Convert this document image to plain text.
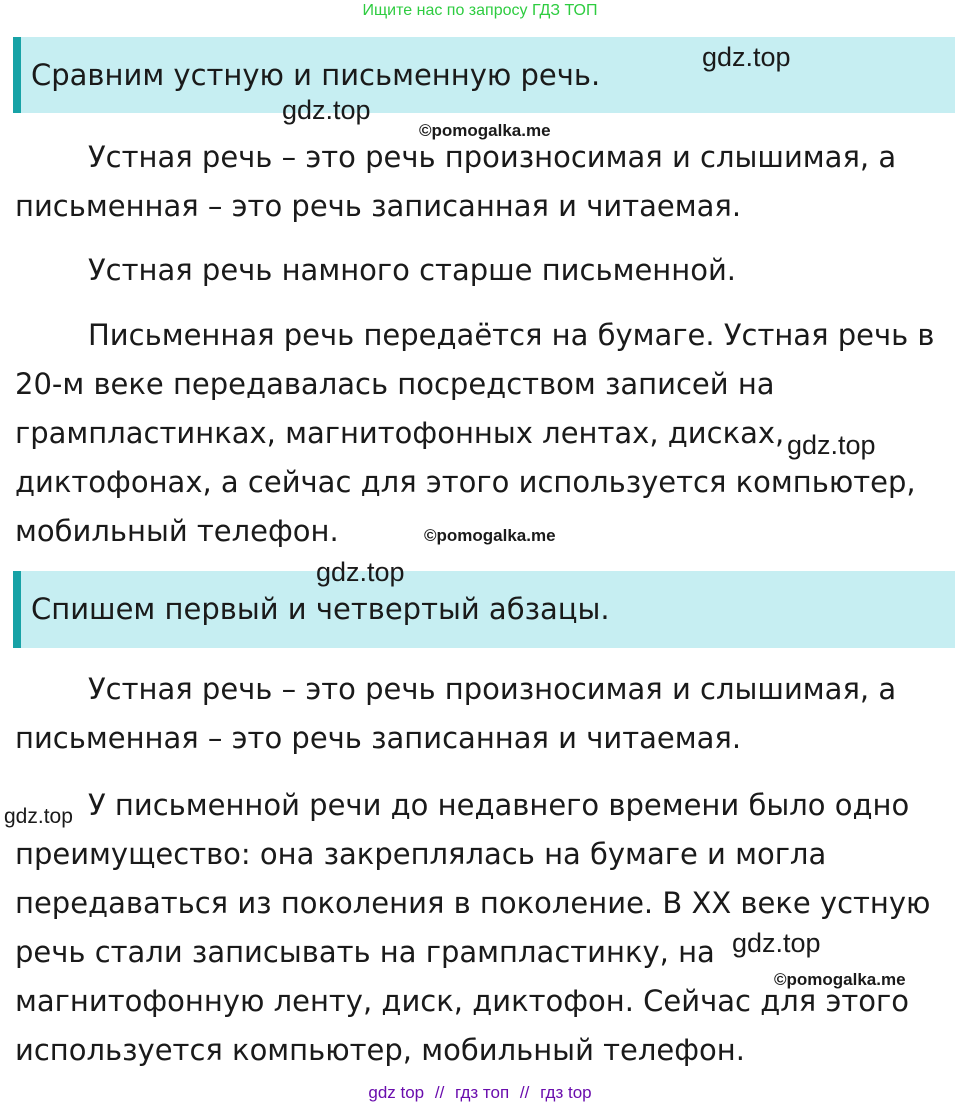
Ищите нас по запросу ГДЗ ТОП
Сравним устную и письменную речь.

Устная речь – это речь произносимая и слышимая, а письменная – это речь записанная и читаемая.

Устная речь намного старше письменной.

Письменная речь передаётся на бумаге. Устная речь в 20-м веке передавалась посредством записей на грампластинках, магнитофонных лентах, дисках, диктофонах, а сейчас для этого используется компьютер, мобильный телефон.

Спишем первый и четвертый абзацы.

Устная речь – это речь произносимая и слышимая, а письменная – это речь записанная и читаемая.

У письменной речи до недавнего времени было одно преимущество: она закреплялась на бумаге и могла передаваться из поколения в поколение. В XX веке устную речь стали записывать на грампластинку, на магнитофонную ленту, диск, диктофон. Сейчас для этого используется компьютер, мобильный телефон.

gdz.top
gdz.top
©pomogalka.me
gdz.top
©pomogalka.me
gdz.top
gdz.top
gdz.top
©pomogalka.me
gdz top // гдз топ // гдз top
